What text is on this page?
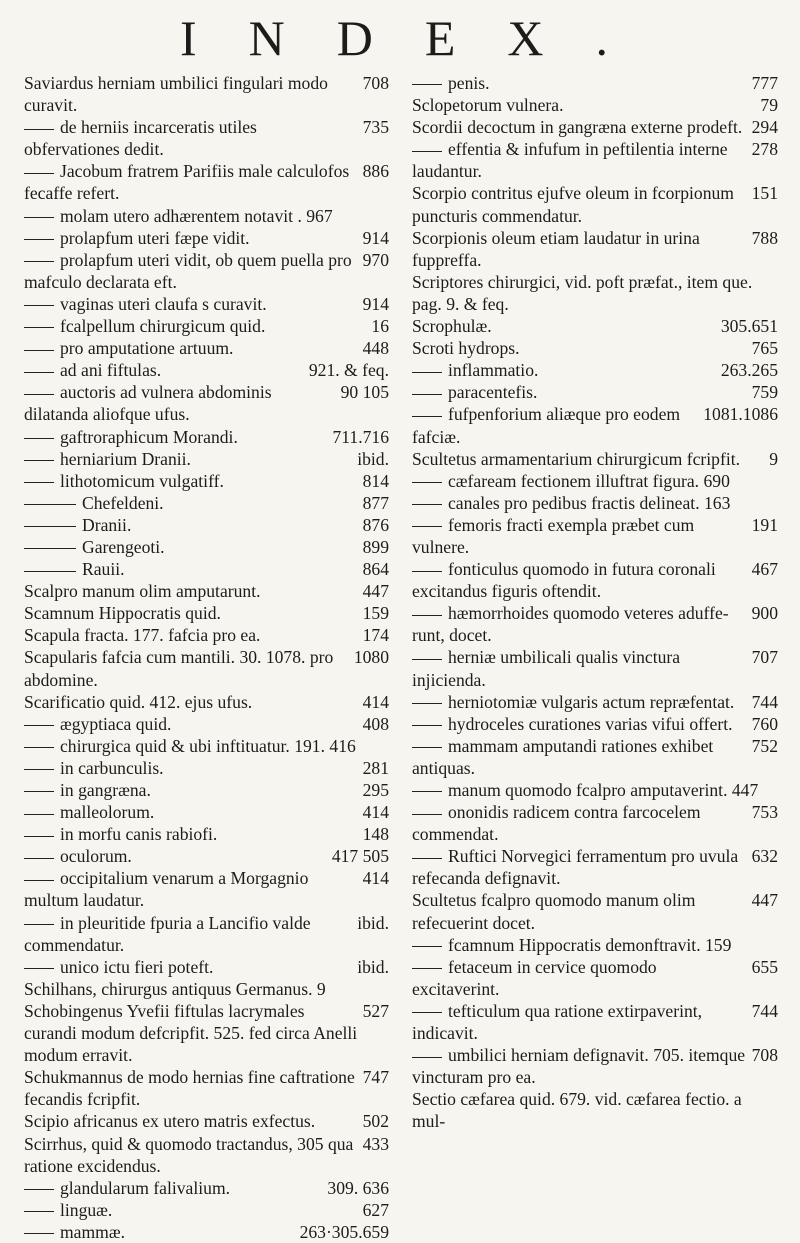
INDEX.
708
Saviardus herniam umbilici fingulari modo curavit.
735
de herniis incarceratis utiles obfervationes dedit.
886
Jacobum fratrem Parifiis male calculofos fecaffe refert.
molam utero adhærentem notavit . 967
914
prolapfum uteri fæpe vidit.
970
prolapfum uteri vidit, ob quem puella pro mafculo declarata eft.
914
vaginas uteri claufa s curavit.
16
fcalpellum chirurgicum quid.
448
pro amputatione artuum.
921. & feq.
ad ani fiftulas.
90 105
auctoris ad vulnera abdominis dilatanda aliofque ufus.
711.716
gaftroraphicum Morandi.
ibid.
herniarium Dranii.
814
lithotomicum vulgatiff.
877
Chefeldeni.
876
Dranii.
899
Garengeoti.
864
Rauii.
447
Scalpro manum olim amputarunt.
159
Scamnum Hippocratis quid.
174
Scapula fracta. 177. fafcia pro ea.
1080
Scapularis fafcia cum mantili. 30. 1078. pro abdomine.
414
Scarificatio quid. 412. ejus ufus.
408
ægyptiaca quid.
chirurgica quid & ubi inftituatur. 191. 416
281
in carbunculis.
295
in gangræna.
414
malleolorum.
148
in morfu canis rabiofi.
417 505
oculorum.
414
occipitalium venarum a Morgagnio multum laudatur.
ibid.
in pleuritide fpuria a Lancifio valde commendatur.
ibid.
unico ictu fieri poteft.
Schilhans, chirurgus antiquus Germanus. 9
527
Schobingenus Yvefii fiftulas lacrymales curandi modum defcripfit. 525. fed circa Anelli modum erravit.
747
Schukmannus de modo hernias fine caftratione fecandis fcripfit.
502
Scipio africanus ex utero matris exfectus.
433
Scirrhus, quid & quomodo tractandus, 305 qua ratione excidendus.
309. 636
glandularum falivalium.
627
linguæ.
263·305.659
mammæ.
777
penis.
79
Sclopetorum vulnera.
294
Scordii decoctum in gangræna externe prodeft.
278
effentia & infufum in peftilentia interne laudantur.
151
Scorpio contritus ejufve oleum in fcorpionum puncturis commendatur.
788
Scorpionis oleum etiam laudatur in urina fuppreffa.
Scriptores chirurgici, vid. poft præfat., item que. pag. 9. & feq.
305.651
Scrophulæ.
765
Scroti hydrops.
263.265
inflammatio.
759
paracentefis.
1081.1086
fufpenforium aliæque pro eodem fafciæ.
9
Scultetus armamentarium chirurgicum fcripfit.
cæfaream fectionem illuftrat figura. 690
canales pro pedibus fractis delineat. 163
191
femoris fracti exempla præbet cum vulnere.
467
fonticulus quomodo in futura coronali excitandus figuris oftendit.
900
hæmorrhoides quomodo veteres aduffe- runt, docet.
707
herniæ umbilicali qualis vinctura injicienda.
744
herniotomiæ vulgaris actum repræfentat.
760
hydroceles curationes varias vifui offert.
752
mammam amputandi rationes exhibet antiquas.
manum quomodo fcalpro amputaverint. 447
753
ononidis radicem contra farcocelem commendat.
632
Ruftici Norvegici ferramentum pro uvula refecanda defignavit.
447
Scultetus fcalpro quomodo manum olim refecuerint docet.
fcamnum Hippocratis demonftravit. 159
655
fetaceum in cervice quomodo excitaverint.
744
tefticulum qua ratione extirpaverint, indicavit.
708
umbilici herniam defignavit. 705. itemque vincturam pro ea.
Sectio cæfarea quid. 679. vid. cæfarea fectio. a mul-
